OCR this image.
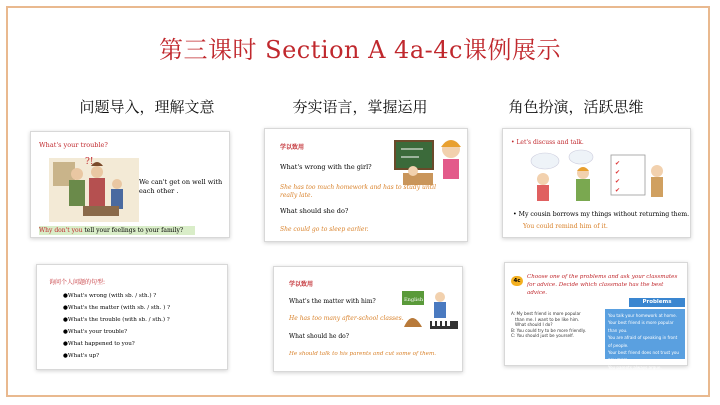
第三课时 Section A 4a-4c课例展示
问题导入，理解文意	夯实语言，掌握运用	角色扮演，活跃思维
What's your trouble?
?!
We can't get on well with each other .
Why don't you tell your feelings to your family?
学以致用
What's wrong with the girl?
She has too much homework and has to study until really late.
What should she do?
She could go to sleep earlier.
• Let's discuss and talk.
✔
✔
✔
✔
• My cousin borrows my things without returning them.
You could remind him of it.
询问个人问题的句型:
●What's wrong (with sb. / sth.) ?
●What's the matter (with sb. / sth. ) ?
●What's the trouble (with sb. / sth.) ?
●What's your trouble?
●What happened to you?
●What's up?
学以致用
English
What's the matter with him?
He has too many after-school classes.
What should he do?
He should talk to his parents and cut some of them.
4c
Choose one of the problems and ask your classmates for advice. Decide which classmate has the best advice.
Problems
A: My best friend is more popular
than me. I want to be like him.
What should I do?
B: You could try to be more friendly.
C: You should just be yourself.
You talk your homework at home.
Your best friend is more popular than you.
You are afraid of speaking in front of people.
Your best friend does not trust you any more.
You parents always argue.
